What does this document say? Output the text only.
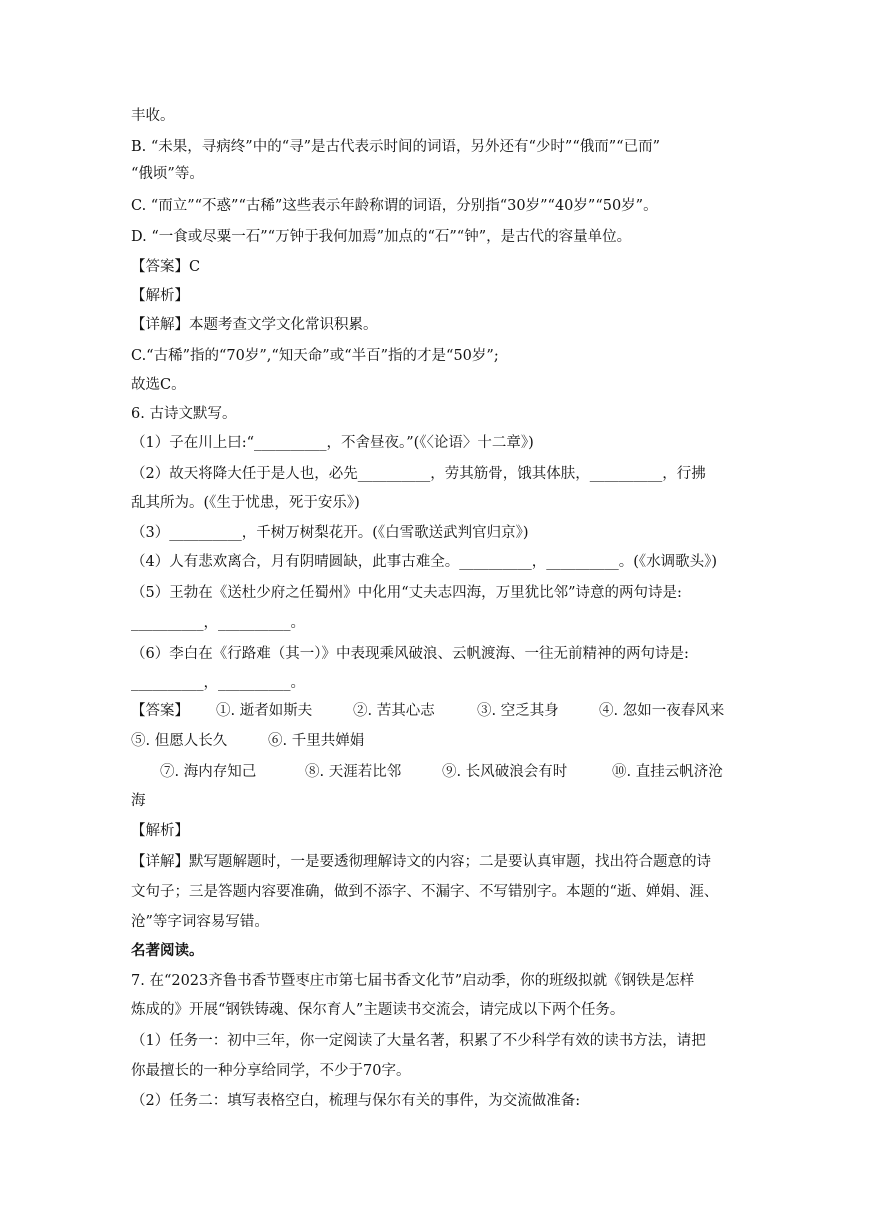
丰收。
B. “未果，寻病终”中的“寻”是古代表示时间的词语，另外还有“少时”“俄而”“已而”
“俄顷”等。
C. “而立”“不惑”“古稀”这些表示年龄称谓的词语，分别指“30岁”“40岁”“50岁”。
D. “一食或尽粟一石”“万钟于我何加焉”加点的“石”“钟”，是古代的容量单位。
【答案】C
【解析】
【详解】本题考查文学文化常识积累。
C.“古稀”指的“70岁”,“知天命”或“半百”指的才是“50岁”;
故选C。
6. 古诗文默写。
（1）子在川上曰:“__________，不舍昼夜。”(《〈论语〉十二章》)
（2）故天将降大任于是人也，必先__________，劳其筋骨，饿其体肤，__________，行拂
乱其所为。(《生于忧患，死于安乐》)
（3）__________，千树万树梨花开。(《白雪歌送武判官归京》)
（4）人有悲欢离合，月有阴晴圆缺，此事古难全。__________，__________。(《水调歌头》)
（5）王勃在《送杜少府之任蜀州》中化用“丈夫志四海，万里犹比邻”诗意的两句诗是:
__________，__________。
（6）李白在《行路难（其一）》中表现乘风破浪、云帆渡海、一往无前精神的两句诗是:
__________，__________。
【答案】 ①. 逝者如斯夫	②. 苦其心志	③. 空乏其身	④. 忽如一夜春风来
⑤. 但愿人长久	⑥. 千里共婵娟
⑦. 海内存知己	⑧. 天涯若比邻	⑨. 长风破浪会有时	⑩. 直挂云帆济沧
海
【解析】
【详解】默写题解题时，一是要透彻理解诗文的内容；二是要认真审题，找出符合题意的诗
文句子；三是答题内容要准确，做到不添字、不漏字、不写错别字。本题的“逝、婵娟、涯、
沧”等字词容易写错。
名著阅读。
7. 在“2023齐鲁书香节暨枣庄市第七届书香文化节”启动季，你的班级拟就《钢铁是怎样
炼成的》开展“钢铁铸魂、保尔育人”主题读书交流会，请完成以下两个任务。
（1）任务一：初中三年，你一定阅读了大量名著，积累了不少科学有效的读书方法，请把
你最擅长的一种分享给同学，不少于70字。
（2）任务二：填写表格空白，梳理与保尔有关的事件，为交流做准备:
